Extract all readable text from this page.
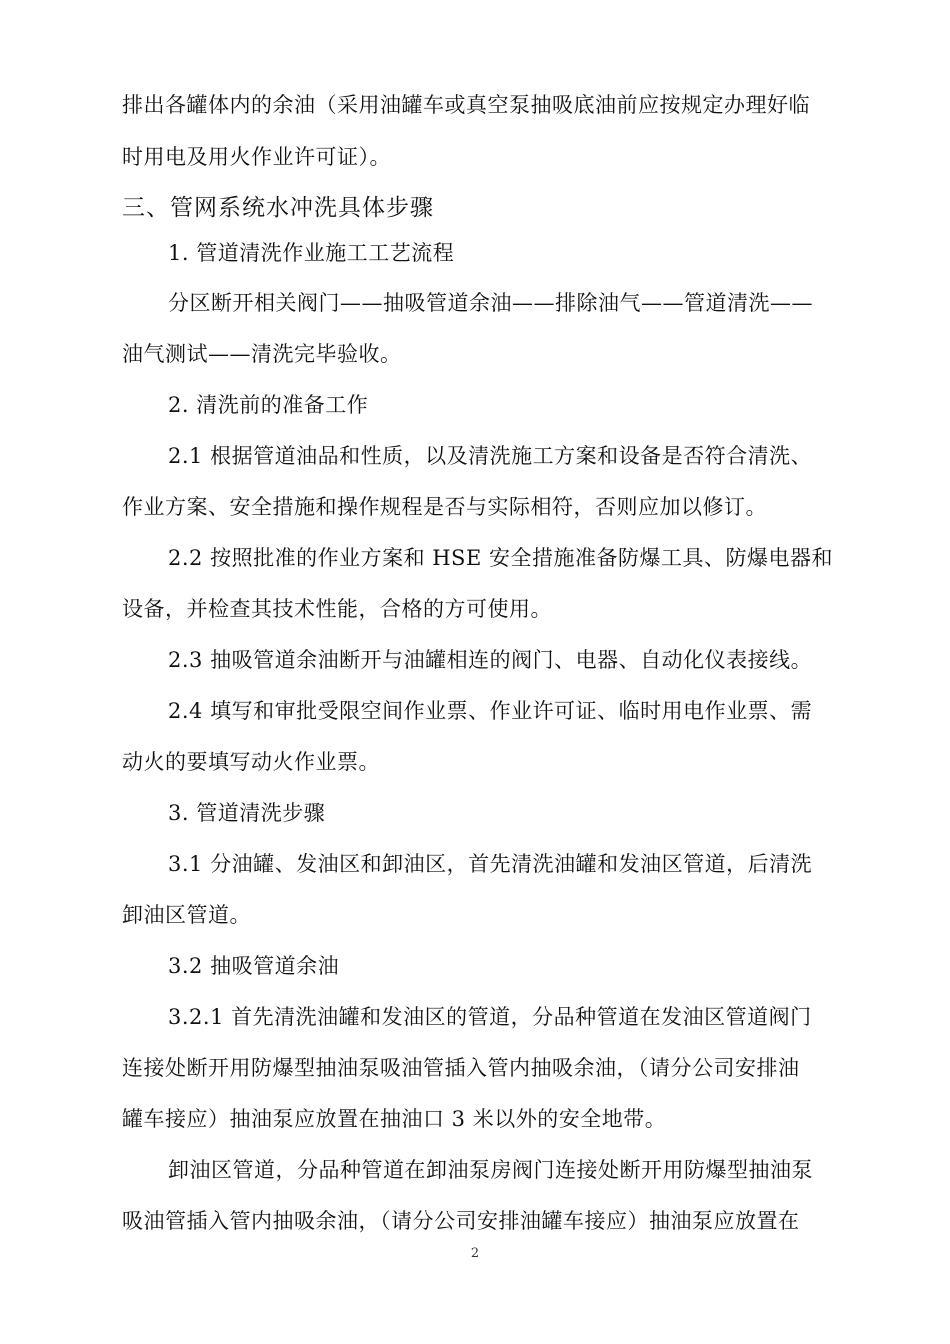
排出各罐体内的余油（采用油罐车或真空泵抽吸底油前应按规定办理好临
时用电及用火作业许可证）。
三、管网系统水冲洗具体步骤
1. 管道清洗作业施工工艺流程
分区断开相关阀门——抽吸管道余油——排除油气——管道清洗——
油气测试——清洗完毕验收。
2. 清洗前的准备工作
2.1 根据管道油品和性质，以及清洗施工方案和设备是否符合清洗、
作业方案、安全措施和操作规程是否与实际相符，否则应加以修订。
2.2 按照批准的作业方案和 HSE 安全措施准备防爆工具、防爆电器和
设备，并检查其技术性能，合格的方可使用。
2.3 抽吸管道余油断开与油罐相连的阀门、电器、自动化仪表接线。
2.4 填写和审批受限空间作业票、作业许可证、临时用电作业票、需
动火的要填写动火作业票。
3. 管道清洗步骤
3.1 分油罐、发油区和卸油区，首先清洗油罐和发油区管道，后清洗
卸油区管道。
3.2 抽吸管道余油
3.2.1 首先清洗油罐和发油区的管道，分品种管道在发油区管道阀门
连接处断开用防爆型抽油泵吸油管插入管内抽吸余油，（请分公司安排油
罐车接应）抽油泵应放置在抽油口 3 米以外的安全地带。
卸油区管道，分品种管道在卸油泵房阀门连接处断开用防爆型抽油泵
吸油管插入管内抽吸余油，（请分公司安排油罐车接应）抽油泵应放置在
2
